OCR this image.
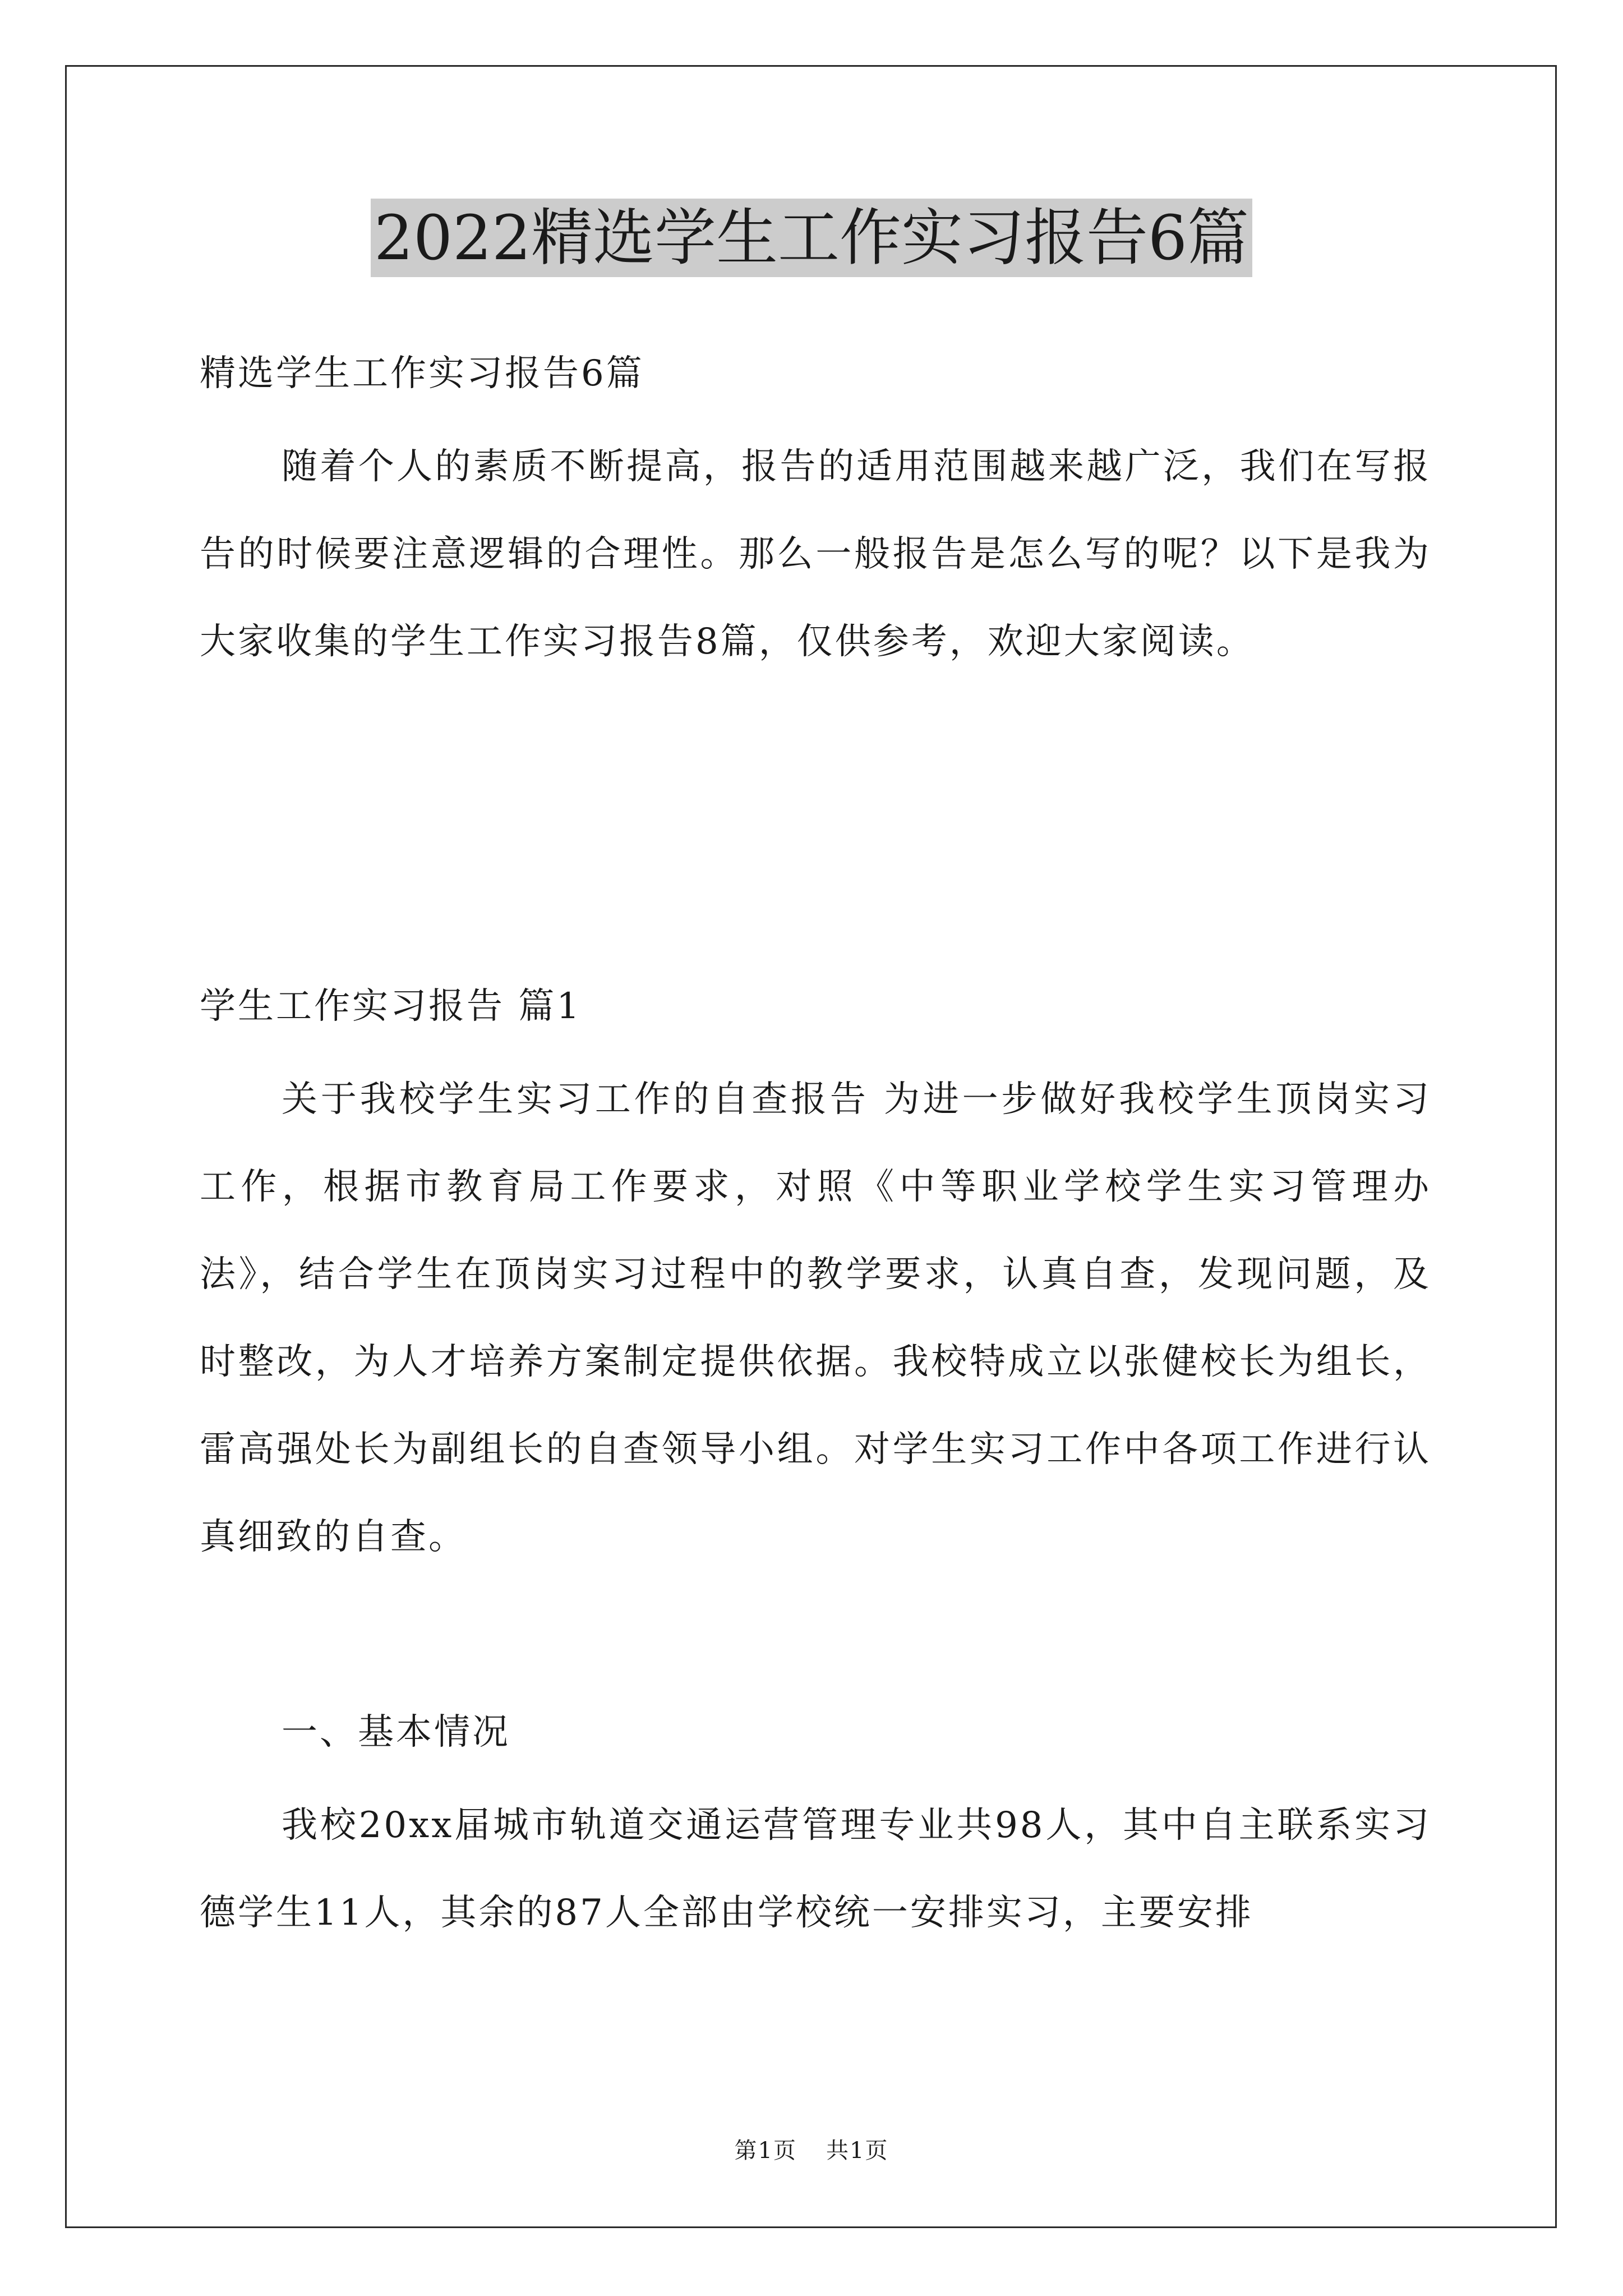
2022精选学生工作实习报告6篇

精选学生工作实习报告6篇

随着个人的素质不断提高，报告的适用范围越来越广泛，我们在写报告的时候要注意逻辑的合理性。那么一般报告是怎么写的呢？以下是我为大家收集的学生工作实习报告8篇，仅供参考，欢迎大家阅读。

学生工作实习报告 篇1

关于我校学生实习工作的自查报告 为进一步做好我校学生顶岗实习工作，根据市教育局工作要求，对照《中等职业学校学生实习管理办法》，结合学生在顶岗实习过程中的教学要求，认真自查，发现问题，及时整改，为人才培养方案制定提供依据。我校特成立以张健校长为组长，雷高强处长为副组长的自查领导小组。对学生实习工作中各项工作进行认真细致的自查。

一、基本情况

我校20xx届城市轨道交通运营管理专业共98人，其中自主联系实习德学生11人，其余的87人全部由学校统一安排实习，主要安排

第1页 共1页
